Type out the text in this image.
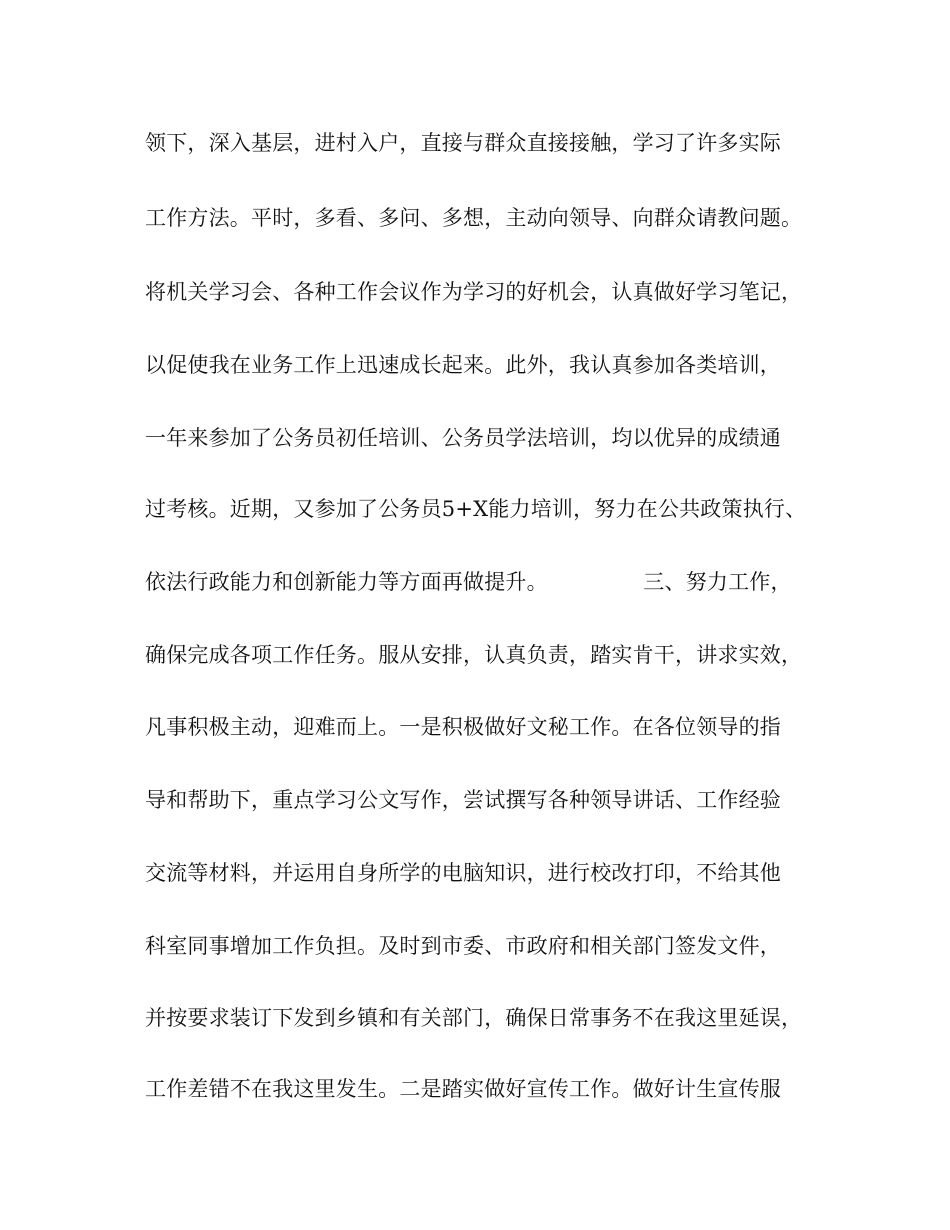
领下，深入基层，进村入户，直接与群众直接接触，学习了许多实际
工作方法。平时，多看、多问、多想，主动向领导、向群众请教问题。
将机关学习会、各种工作会议作为学习的好机会，认真做好学习笔记，
以促使我在业务工作上迅速成长起来。此外，我认真参加各类培训，
一年来参加了公务员初任培训、公务员学法培训，均以优异的成绩通
过考核。近期，又参加了公务员5+X能力培训，努力在公共政策执行、
依法行政能力和创新能力等方面再做提升。　　　　　三、努力工作，
确保完成各项工作任务。服从安排，认真负责，踏实肯干，讲求实效，
凡事积极主动，迎难而上。一是积极做好文秘工作。在各位领导的指
导和帮助下，重点学习公文写作，尝试撰写各种领导讲话、工作经验
交流等材料，并运用自身所学的电脑知识，进行校改打印，不给其他
科室同事增加工作负担。及时到市委、市政府和相关部门签发文件，
并按要求装订下发到乡镇和有关部门，确保日常事务不在我这里延误，
工作差错不在我这里发生。二是踏实做好宣传工作。做好计生宣传服
